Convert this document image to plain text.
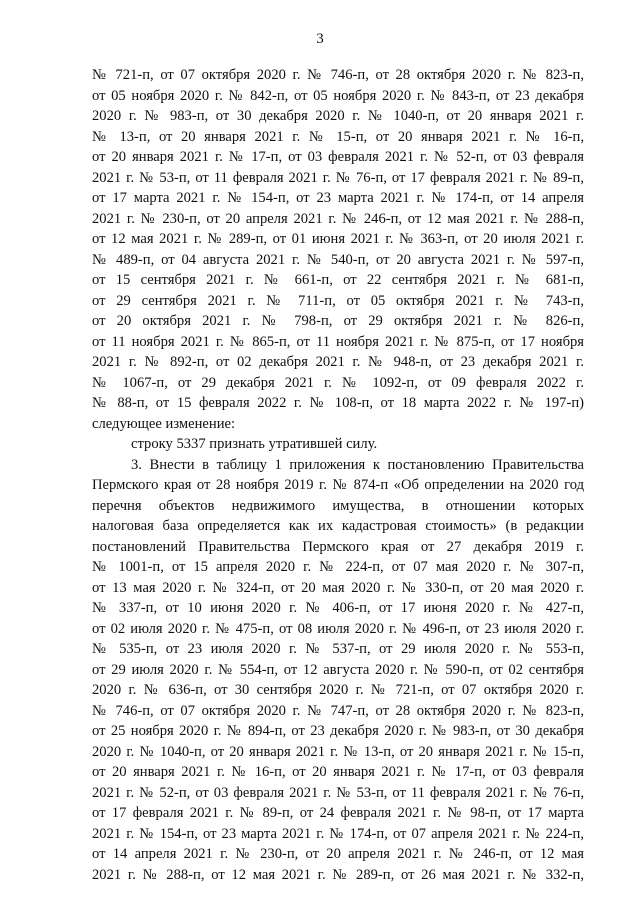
3
№ 721-п, от 07 октября 2020 г. № 746-п, от 28 октября 2020 г. № 823-п,
от 05 ноября 2020 г. № 842-п, от 05 ноября 2020 г. № 843-п, от 23 декабря
2020 г. № 983-п, от 30 декабря 2020 г. № 1040-п, от 20 января 2021 г.
№ 13-п, от 20 января 2021 г. № 15-п, от 20 января 2021 г. № 16-п,
от 20 января 2021 г. № 17-п, от 03 февраля 2021 г. № 52-п, от 03 февраля
2021 г. № 53-п, от 11 февраля 2021 г. № 76-п, от 17 февраля 2021 г. № 89-п,
от 17 марта 2021 г. № 154-п, от 23 марта 2021 г. № 174-п, от 14 апреля
2021 г. № 230-п, от 20 апреля 2021 г. № 246-п, от 12 мая 2021 г. № 288-п,
от 12 мая 2021 г. № 289-п, от 01 июня 2021 г. № 363-п, от 20 июля 2021 г.
№ 489-п, от 04 августа 2021 г. № 540-п, от 20 августа 2021 г. № 597-п,
от 15 сентября 2021 г. № 661-п, от 22 сентября 2021 г. № 681-п,
от 29 сентября 2021 г. № 711-п, от 05 октября 2021 г. № 743-п,
от 20 октября 2021 г. № 798-п, от 29 октября 2021 г. № 826-п,
от 11 ноября 2021 г. № 865-п, от 11 ноября 2021 г. № 875-п, от 17 ноября
2021 г. № 892-п, от 02 декабря 2021 г. № 948-п, от 23 декабря 2021 г.
№ 1067-п, от 29 декабря 2021 г. № 1092-п, от 09 февраля 2022 г.
№ 88-п, от 15 февраля 2022 г. № 108-п, от 18 марта 2022 г. № 197-п)
следующее изменение:
строку 5337 признать утратившей силу.
3. Внести в таблицу 1 приложения к постановлению Правительства
Пермского края от 28 ноября 2019 г. № 874-п «Об определении на 2020 год
перечня объектов недвижимого имущества, в отношении которых
налоговая база определяется как их кадастровая стоимость» (в редакции
постановлений Правительства Пермского края от 27 декабря 2019 г.
№ 1001-п, от 15 апреля 2020 г. № 224-п, от 07 мая 2020 г. № 307-п,
от 13 мая 2020 г. № 324-п, от 20 мая 2020 г. № 330-п, от 20 мая 2020 г.
№ 337-п, от 10 июня 2020 г. № 406-п, от 17 июня 2020 г. № 427-п,
от 02 июля 2020 г. № 475-п, от 08 июля 2020 г. № 496-п, от 23 июля 2020 г.
№ 535-п, от 23 июля 2020 г. № 537-п, от 29 июля 2020 г. № 553-п,
от 29 июля 2020 г. № 554-п, от 12 августа 2020 г. № 590-п, от 02 сентября
2020 г. № 636-п, от 30 сентября 2020 г. № 721-п, от 07 октября 2020 г.
№ 746-п, от 07 октября 2020 г. № 747-п, от 28 октября 2020 г. № 823-п,
от 25 ноября 2020 г. № 894-п, от 23 декабря 2020 г. № 983-п, от 30 декабря
2020 г. № 1040-п, от 20 января 2021 г. № 13-п, от 20 января 2021 г. № 15-п,
от 20 января 2021 г. № 16-п, от 20 января 2021 г. № 17-п, от 03 февраля
2021 г. № 52-п, от 03 февраля 2021 г. № 53-п, от 11 февраля 2021 г. № 76-п,
от 17 февраля 2021 г. № 89-п, от 24 февраля 2021 г. № 98-п, от 17 марта
2021 г. № 154-п, от 23 марта 2021 г. № 174-п, от 07 апреля 2021 г. № 224-п,
от 14 апреля 2021 г. № 230-п, от 20 апреля 2021 г. № 246-п, от 12 мая
2021 г. № 288-п, от 12 мая 2021 г. № 289-п, от 26 мая 2021 г. № 332-п,
